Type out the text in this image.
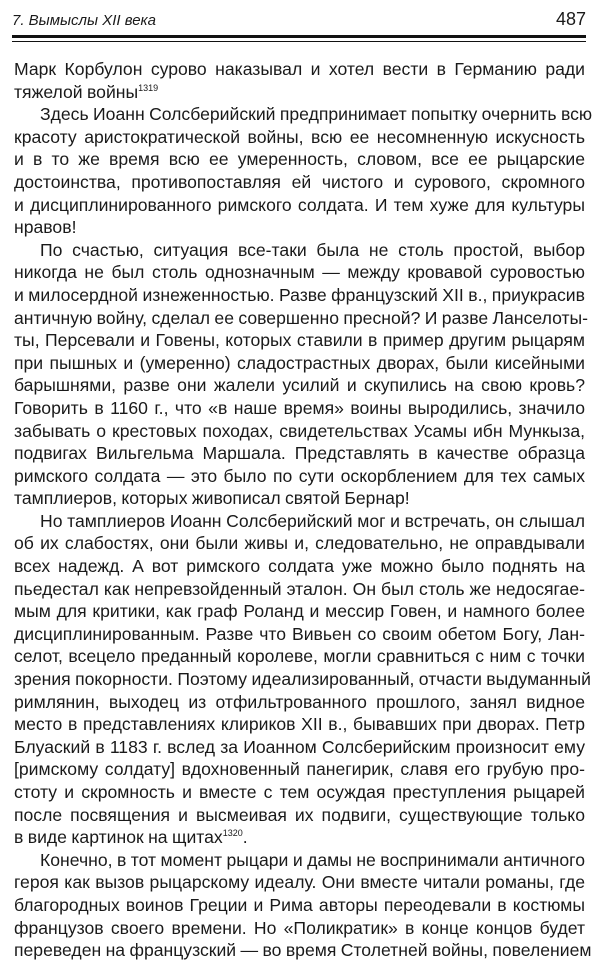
7. Вымыслы XII века	487
Марк Корбулон сурово наказывал и хотел вести в Германию ради
тяжелой войны$^{1319}$
Здесь Иоанн Солсберийский предпринимает попытку очернить всю
красоту аристократической войны, всю ее несомненную искусность
и в то же время всю ее умеренность, словом, все ее рыцарские
достоинства, противопоставляя ей чистого и сурового, скромного
и дисциплинированного римского солдата. И тем хуже для культуры
нравов!
По счастью, ситуация все-таки была не столь простой, выбор
никогда не был столь однозначным — между кровавой суровостью
и милосердной изнеженностью. Разве французский XII в., приукрасив
античную войну, сделал ее совершенно пресной? И разве Ланселоты-
ты, Персевали и Говены, которых ставили в пример другим рыцарям
при пышных и (умеренно) сладострастных дворах, были кисейными
барышнями, разве они жалели усилий и скупились на свою кровь?
Говорить в 1160 г., что «в наше время» воины выродились, значило
забывать о крестовых походах, свидетельствах Усамы ибн Мункыза,
подвигах Вильгельма Маршала. Представлять в качестве образца
римского солдата — это было по сути оскорблением для тех самых
тамплиеров, которых живописал святой Бернар!
Но тамплиеров Иоанн Солсберийский мог и встречать, он слышал
об их слабостях, они были живы и, следовательно, не оправдывали
всех надежд. А вот римского солдата уже можно было поднять на
пьедестал как непревзойденный эталон. Он был столь же недосягае-
мым для критики, как граф Роланд и мессир Говен, и намного более
дисциплинированным. Разве что Вивьен со своим обетом Богу, Лан-
селот, всецело преданный королеве, могли сравниться с ним с точки
зрения покорности. Поэтому идеализированный, отчасти выдуманный
римлянин, выходец из отфильтрованного прошлого, занял видное
место в представлениях клириков XII в., бывавших при дворах. Петр
Блуаский в 1183 г. вслед за Иоанном Солсберийским произносит ему
[римскому солдату] вдохновенный панегирик, славя его грубую про-
стоту и скромность и вместе с тем осуждая преступления рыцарей
после посвящения и высмеивая их подвиги, существующие только
в виде картинок на щитах$^{1320}$.
Конечно, в тот момент рыцари и дамы не воспринимали античного
героя как вызов рыцарскому идеалу. Они вместе читали романы, где
благородных воинов Греции и Рима авторы переодевали в костюмы
французов своего времени. Но «Поликратик» в конце концов будет
переведен на французский — во время Столетней войны, повелением
